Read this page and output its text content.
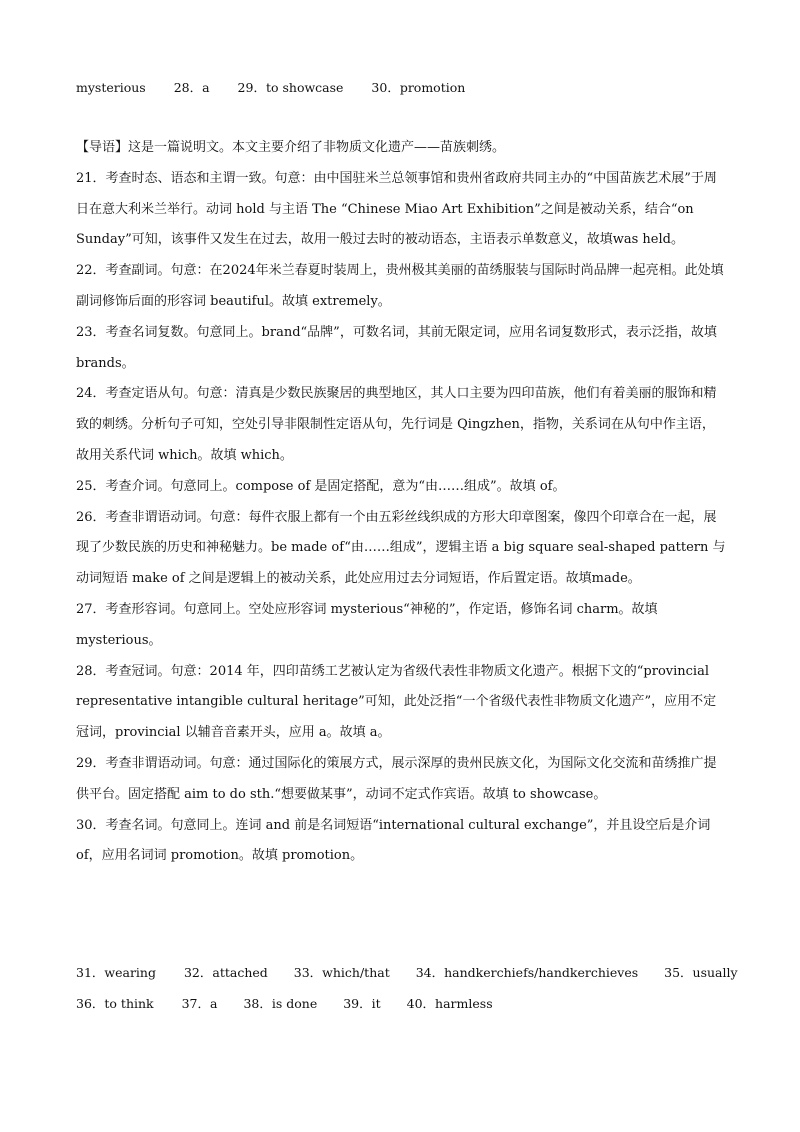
mysterious 28．a 29．to showcase 30．promotion

【导语】这是一篇说明文。本文主要介绍了非物质文化遗产——苗族刺绣。

21．考查时态、语态和主谓一致。句意：由中国驻米兰总领事馆和贵州省政府共同主办的“中国苗族艺术展”于周日在意大利米兰举行。动词 hold 与主语 The “Chinese Miao Art Exhibition”之间是被动关系，结合“on Sunday”可知，该事件又发生在过去，故用一般过去时的被动语态，主语表示单数意义，故填was held。

22．考查副词。句意：在2024年米兰春夏时装周上，贵州极其美丽的苗绣服装与国际时尚品牌一起亮相。此处填副词修饰后面的形容词 beautiful。故填 extremely。

23．考查名词复数。句意同上。brand“品牌”，可数名词，其前无限定词，应用名词复数形式，表示泛指，故填 brands。

24．考查定语从句。句意：清真是少数民族聚居的典型地区，其人口主要为四印苗族，他们有着美丽的服饰和精致的刺绣。分析句子可知，空处引导非限制性定语从句，先行词是 Qingzhen，指物，关系词在从句中作主语，故用关系代词 which。故填 which。

25．考查介词。句意同上。compose of 是固定搭配，意为“由……组成”。故填 of。

26．考查非谓语动词。句意：每件衣服上都有一个由五彩丝线织成的方形大印章图案，像四个印章合在一起，展现了少数民族的历史和神秘魅力。be made of“由……组成”，逻辑主语 a big square seal-shaped pattern 与动词短语 make of 之间是逻辑上的被动关系，此处应用过去分词短语，作后置定语。故填made。

27．考查形容词。句意同上。空处应形容词 mysterious“神秘的”，作定语，修饰名词 charm。故填 mysterious。

28．考查冠词。句意：2014 年，四印苗绣工艺被认定为省级代表性非物质文化遗产。根据下文的“provincial representative intangible cultural heritage”可知，此处泛指“一个省级代表性非物质文化遗产”，应用不定冠词，provincial 以辅音音素开头，应用 a。故填 a。

29．考查非谓语动词。句意：通过国际化的策展方式，展示深厚的贵州民族文化，为国际文化交流和苗绣推广提供平台。固定搭配 aim to do sth.“想要做某事”，动词不定式作宾语。故填 to showcase。

30．考查名词。句意同上。连词 and 前是名词短语“international cultural exchange”，并且设空后是介词 of，应用名词词 promotion。故填 promotion。

31．wearing 32．attached 33．which/that 34．handkerchiefs/handkerchieves 35．usually
36．to think 37．a 38．is done 39．it 40．harmless
